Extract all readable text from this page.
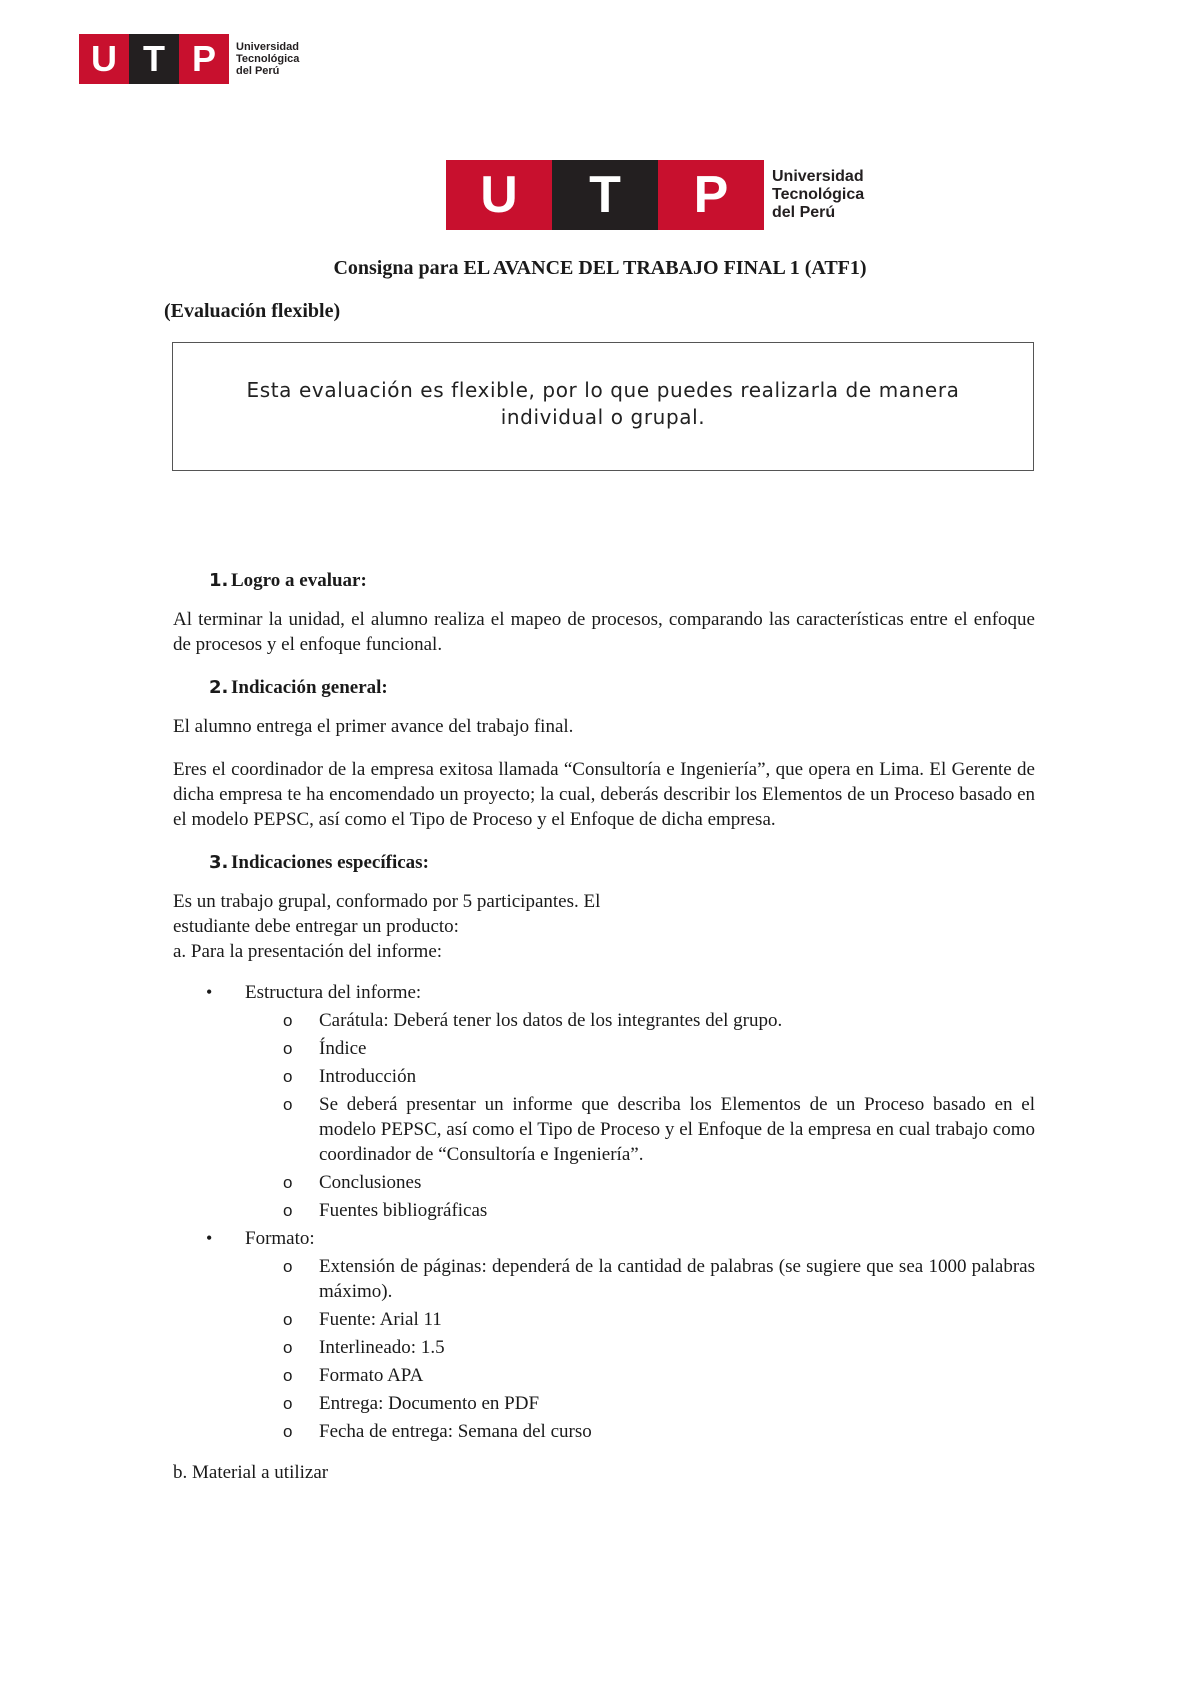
U T P	Universidad
Tecnológica
del Perú
U	T	P	Universidad
Tecnológica
del Perú
Consigna para EL AVANCE DEL TRABAJO FINAL 1 (ATF1)
(Evaluación flexible)
Esta evaluación es flexible, por lo que puedes realizarla de manera individual o grupal.
1. Logro a evaluar:

Al terminar la unidad, el alumno realiza el mapeo de procesos, comparando las características entre el enfoque de procesos y el enfoque funcional.

2. Indicación general:

El alumno entrega el primer avance del trabajo final.

Eres el coordinador de la empresa exitosa llamada “Consultoría e Ingeniería”, que opera en Lima. El Gerente de dicha empresa te ha encomendado un proyecto; la cual, deberás describir los Elementos de un Proceso basado en el modelo PEPSC, así como el Tipo de Proceso y el Enfoque de dicha empresa.

3. Indicaciones específicas:
Es un trabajo grupal, conformado por 5 participantes. El
estudiante debe entregar un producto:
a. Para la presentación del informe:
• Estructura del informe:
o Carátula: Deberá tener los datos de los integrantes del grupo.
o Índice
o Introducción
o Se deberá presentar un informe que describa los Elementos de un Proceso basado en el modelo PEPSC, así como el Tipo de Proceso y el Enfoque de la empresa en cual trabajo como coordinador de “Consultoría e Ingeniería”.
o Conclusiones
o Fuentes bibliográficas
• Formato:
o Extensión de páginas: dependerá de la cantidad de palabras (se sugiere que sea 1000 palabras máximo).
o Fuente: Arial 11
o Interlineado: 1.5
o Formato APA
o Entrega: Documento en PDF
o Fecha de entrega: Semana del curso
b. Material a utilizar
